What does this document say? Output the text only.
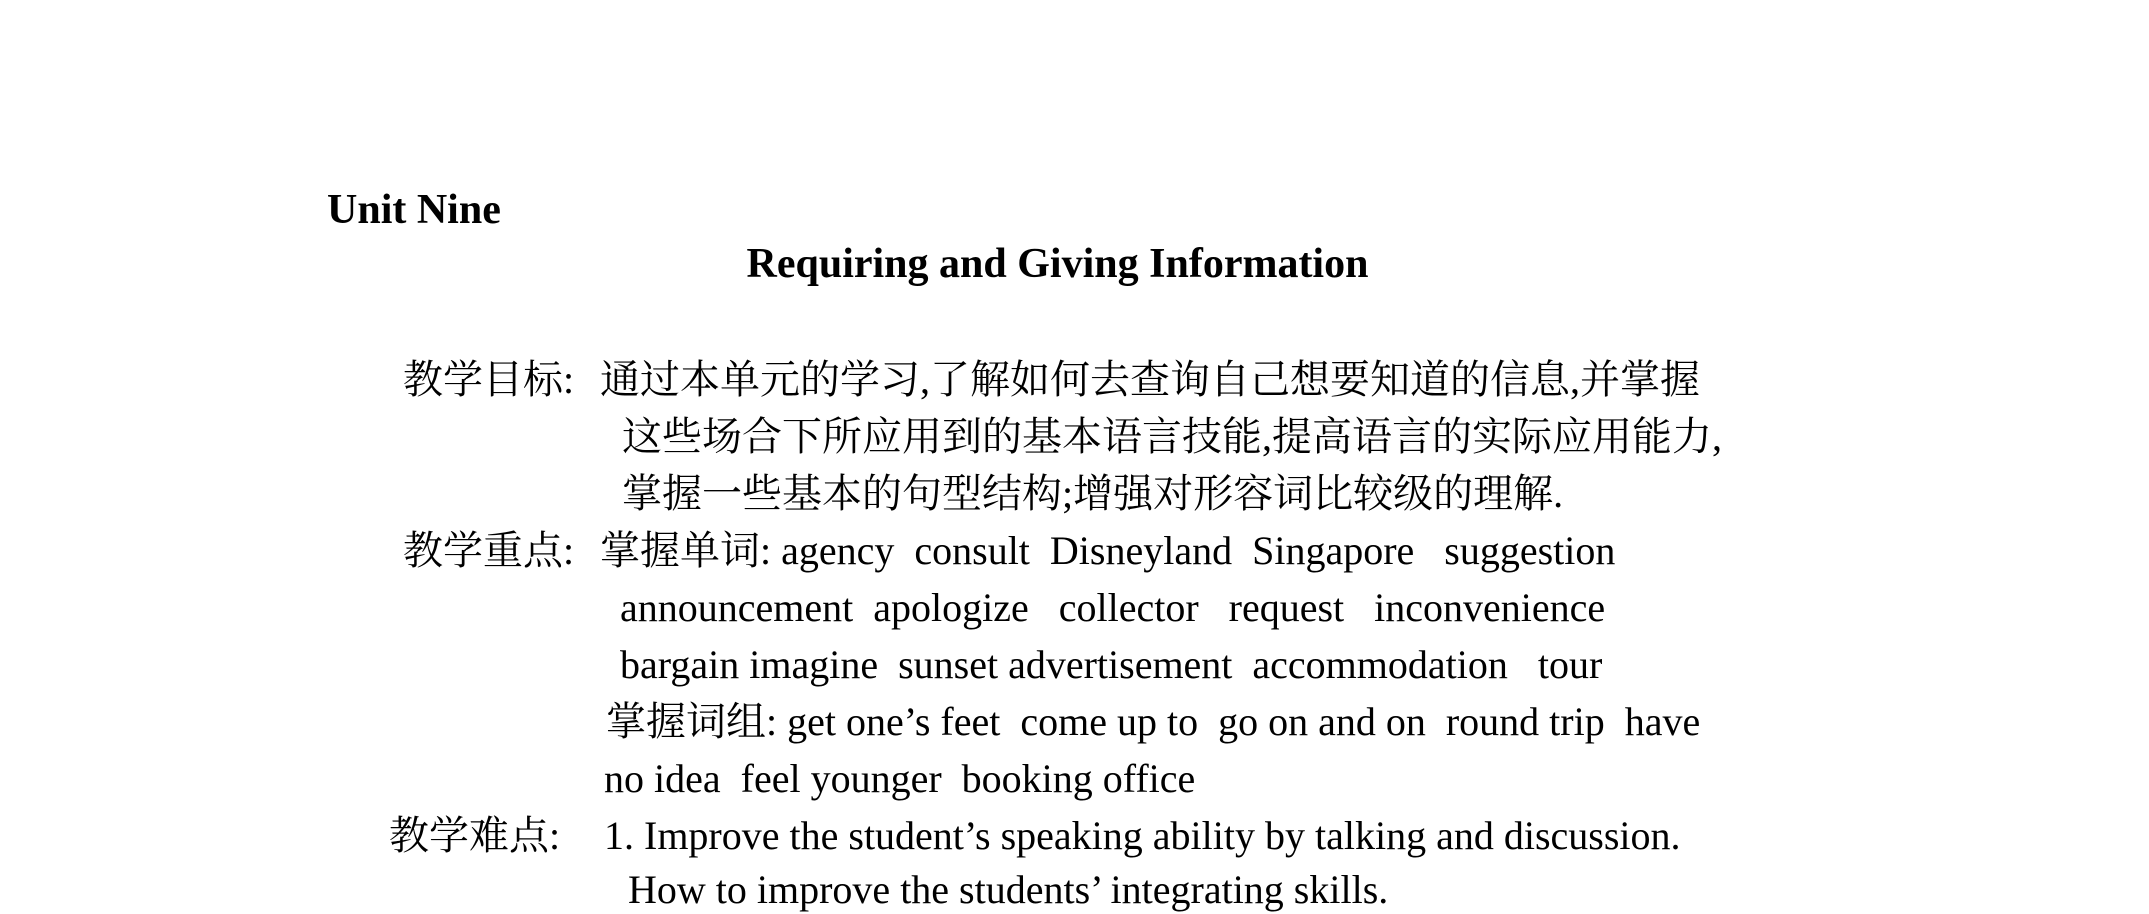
Unit Nine
Requiring and Giving Information
教学目标: 通过本单元的学习,了解如何去查询自己想要知道的信息,并掌握
这些场合下所应用到的基本语言技能,提高语言的实际应用能力,
掌握一些基本的句型结构;增强对形容词比较级的理解.
教学重点: 掌握单词: agency  consult  Disneyland  Singapore   suggestion
announcement  apologize   collector   request   inconvenience
bargain imagine  sunset advertisement  accommodation   tour
掌握词组: get one’s feet  come up to  go on and on  round trip  have
no idea  feel younger  booking office
教学难点: 1. Improve the student’s speaking ability by talking and discussion.
How to improve the students’ integrating skills.
